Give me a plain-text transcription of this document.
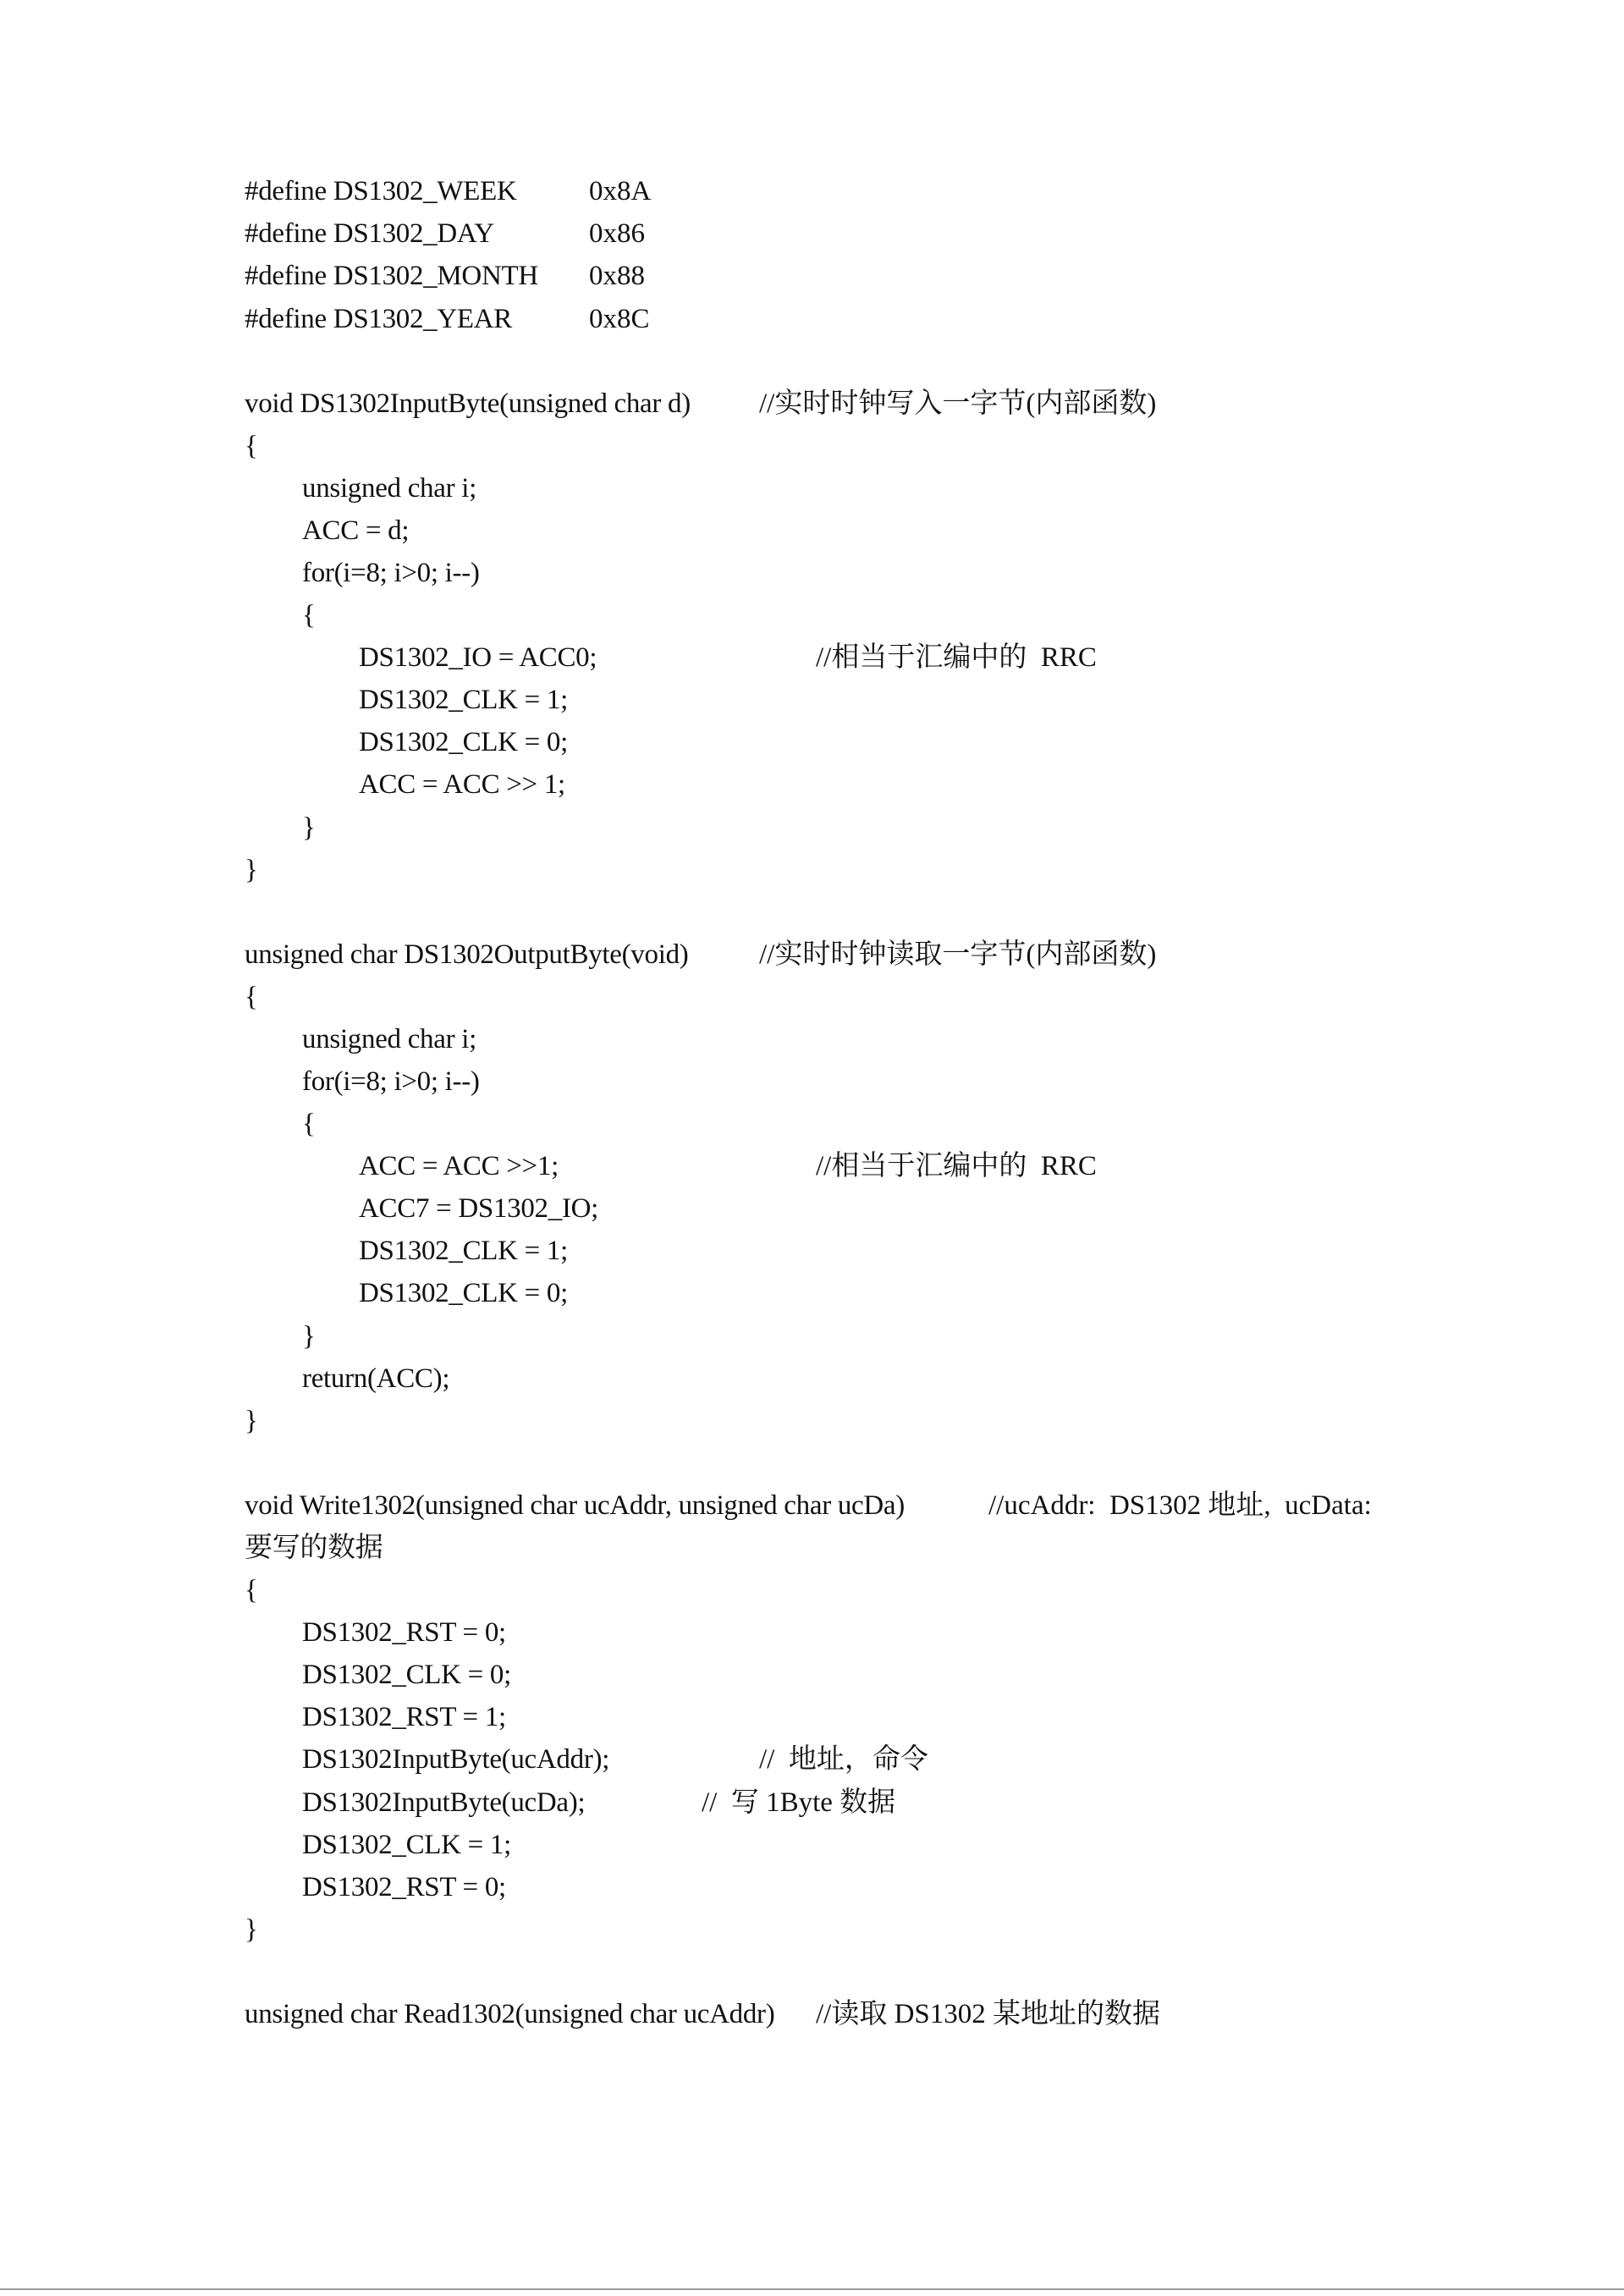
#define DS1302_WEEK	0x8A
#define DS1302_DAY	0x86
#define DS1302_MONTH 0x88
#define DS1302_YEAR	0x8C
void DS1302InputByte(unsigned char d) //实时时钟写入一字节(内部函数)
{
unsigned char i;
ACC = d;
for(i=8; i>0; i--)
{
DS1302_IO = ACC0;	//相当于汇编中的  RRC
DS1302_CLK = 1;
DS1302_CLK = 0;
ACC = ACC >> 1;
}
}
unsigned char DS1302OutputByte(void)	//实时时钟读取一字节(内部函数)
{
unsigned char i;
for(i=8; i>0; i--)
{
ACC = ACC >>1;	//相当于汇编中的  RRC
ACC7 = DS1302_IO;
DS1302_CLK = 1;
DS1302_CLK = 0;
}
return(ACC);
}
void Write1302(unsigned char ucAddr, unsigned char ucDa)	//ucAddr:  DS1302 地址,  ucData:
要写的数据
{
DS1302_RST = 0;
DS1302_CLK = 0;
DS1302_RST = 1;
DS1302InputByte(ucAddr);	//  地址，命令
DS1302InputByte(ucDa);	//  写 1Byte 数据
DS1302_CLK = 1;
DS1302_RST = 0;
}
unsigned char Read1302(unsigned char ucAddr) //读取 DS1302 某地址的数据
